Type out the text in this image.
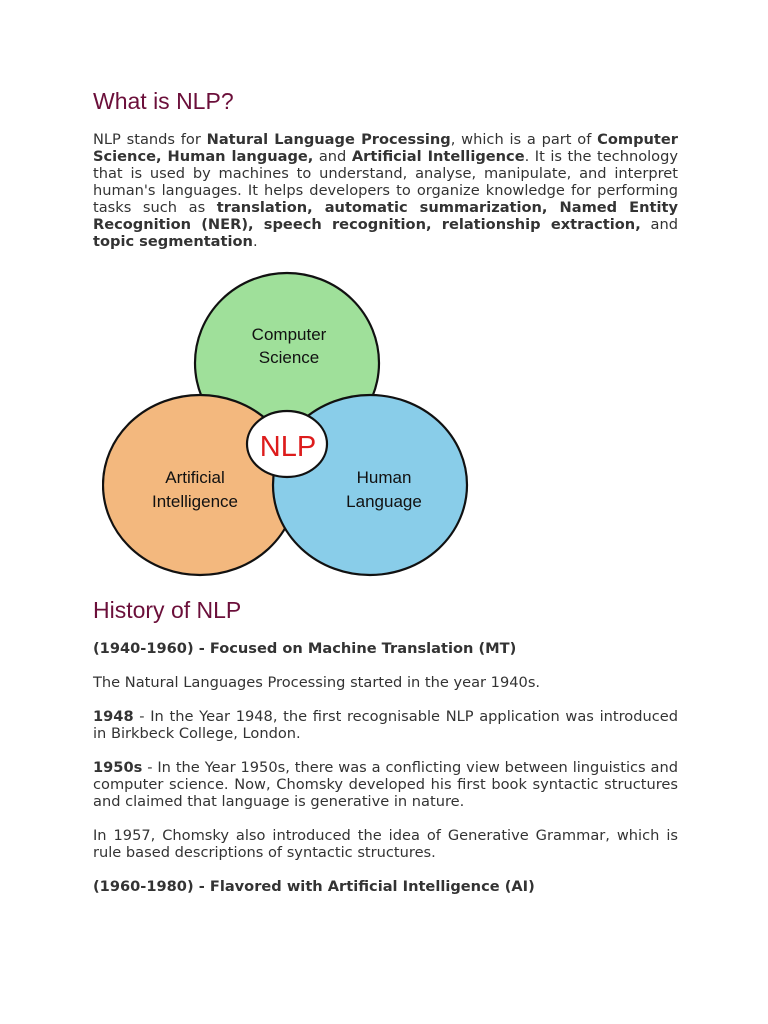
What is NLP?

NLP stands for Natural Language Processing, which is a part of Computer Science, Human language, and Artificial Intelligence. It is the technology that is used by machines to understand, analyse, manipulate, and interpret human's languages. It helps developers to organize knowledge for performing tasks such as translation, automatic summarization, Named Entity Recognition (NER), speech recognition, relationship extraction, and topic segmentation.

Computer
Science
Artificial
Intelligence
Human
Language
NLP
History of NLP

(1940-1960) - Focused on Machine Translation (MT)

The Natural Languages Processing started in the year 1940s.

1948 - In the Year 1948, the first recognisable NLP application was introduced in Birkbeck College, London.

1950s - In the Year 1950s, there was a conflicting view between linguistics and computer science. Now, Chomsky developed his first book syntactic structures and claimed that language is generative in nature.

In 1957, Chomsky also introduced the idea of Generative Grammar, which is rule based descriptions of syntactic structures.

(1960-1980) - Flavored with Artificial Intelligence (AI)
